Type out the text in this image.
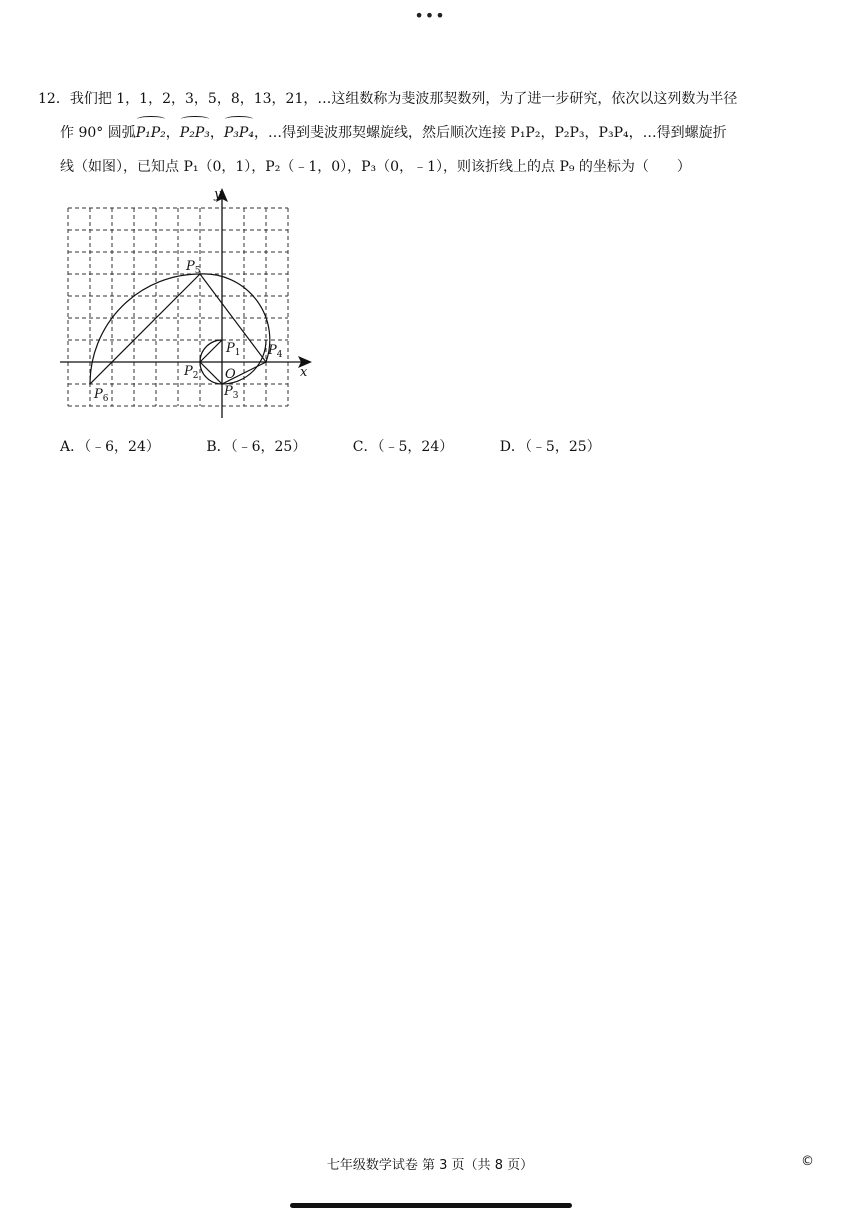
•••
12．我们把 1，1，2，3，5，8，13，21，…这组数称为斐波那契数列，为了进一步研究，依次以这列数为半径
作 90° 圆弧P₁P₂，P₂P₃，P₃P₄，…得到斐波那契螺旋线，然后顺次连接 P₁P₂，P₂P₃，P₃P₄，…得到螺旋折
线（如图），已知点 P₁（0，1），P₂（﹣1，0），P₃（0，﹣1），则该折线上的点 P₉ 的坐标为（　　）
y
x
O
$P_1$
$P_2$
$P_3$
$P_4$
$P_5$
$P_6$
A．（﹣6，24）	B．（﹣6，25）	C．（﹣5，24）	D．（﹣5，25）
七年级数学试卷 第 3 页（共 8 页）	©
